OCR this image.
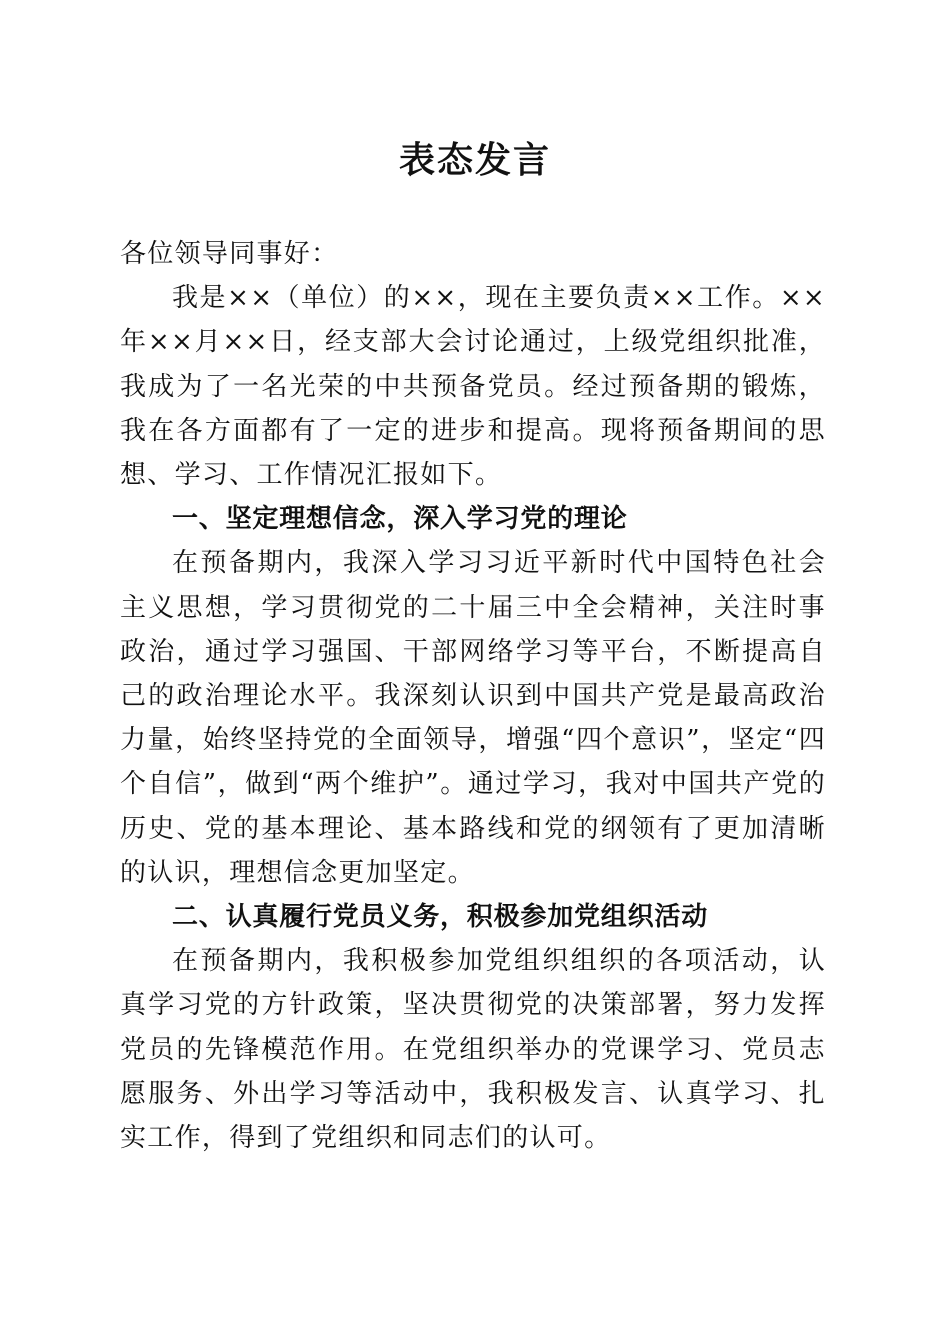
表态发言

各位领导同事好：

我是××（单位）的××，现在主要负责××工作。××年××月××日，经支部大会讨论通过，上级党组织批准，我成为了一名光荣的中共预备党员。经过预备期的锻炼，我在各方面都有了一定的进步和提高。现将预备期间的思想、学习、工作情况汇报如下。

一、坚定理想信念，深入学习党的理论

在预备期内，我深入学习习近平新时代中国特色社会主义思想，学习贯彻党的二十届三中全会精神，关注时事政治，通过学习强国、干部网络学习等平台，不断提高自己的政治理论水平。我深刻认识到中国共产党是最高政治力量，始终坚持党的全面领导，增强“四个意识”，坚定“四个自信”，做到“两个维护”。通过学习，我对中国共产党的历史、党的基本理论、基本路线和党的纲领有了更加清晰的认识，理想信念更加坚定。

二、认真履行党员义务，积极参加党组织活动

在预备期内，我积极参加党组织组织的各项活动，认真学习党的方针政策，坚决贯彻党的决策部署，努力发挥党员的先锋模范作用。在党组织举办的党课学习、党员志愿服务、外出学习等活动中，我积极发言、认真学习、扎实工作，得到了党组织和同志们的认可。
